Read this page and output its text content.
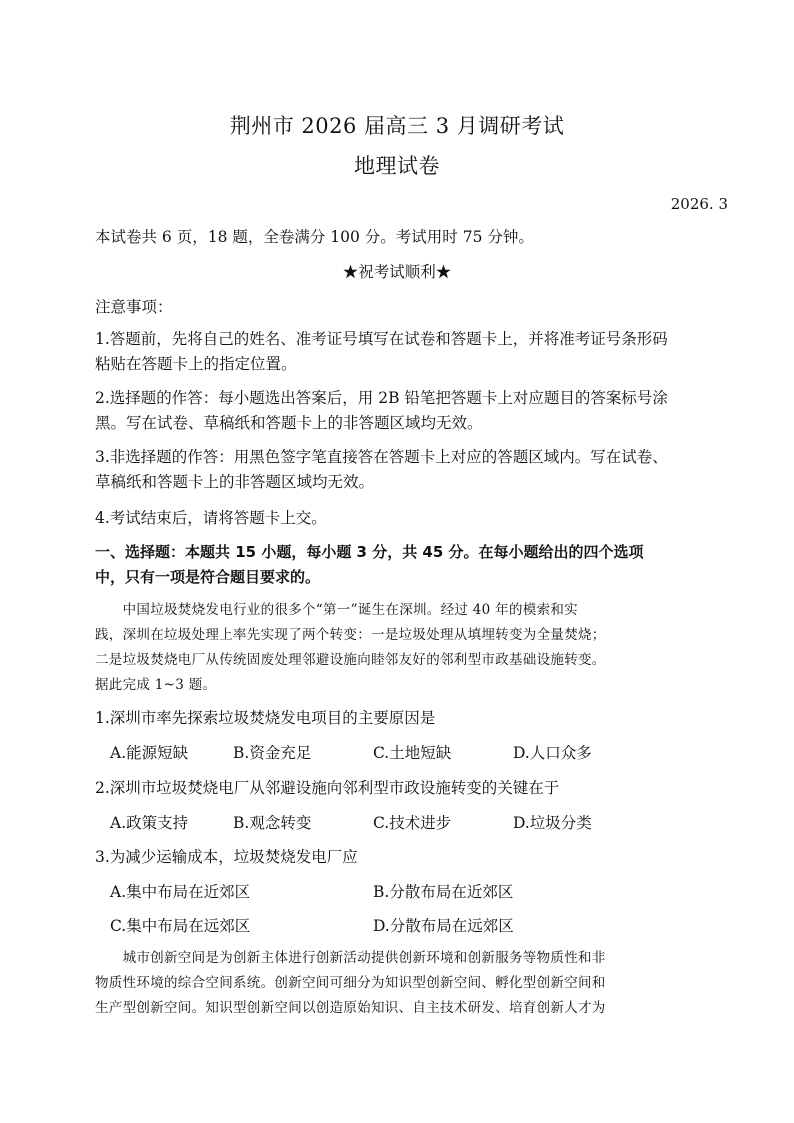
荆州市 2026 届高三 3 月调研考试
地理试卷
2026. 3
本试卷共 6 页，18 题，全卷满分 100 分。考试用时 75 分钟。
★祝考试顺利★
注意事项：
1.答题前，先将自己的姓名、准考证号填写在试卷和答题卡上，并将准考证号条形码
粘贴在答题卡上的指定位置。
2.选择题的作答：每小题选出答案后，用 2B 铅笔把答题卡上对应题目的答案标号涂
黑。写在试卷、草稿纸和答题卡上的非答题区域均无效。
3.非选择题的作答：用黑色签字笔直接答在答题卡上对应的答题区域内。写在试卷、
草稿纸和答题卡上的非答题区域均无效。
4.考试结束后，请将答题卡上交。
一、选择题：本题共 15 小题，每小题 3 分，共 45 分。在每小题给出的四个选项
中，只有一项是符合题目要求的。
　　中国垃圾焚烧发电行业的很多个“第一”诞生在深圳。经过 40 年的模索和实
践，深圳在垃圾处理上率先实现了两个转变：一是垃圾处理从填埋转变为全量焚烧；
二是垃圾焚烧电厂从传统固废处理邻避设施向睦邻友好的邻利型市政基础设施转变。
据此完成 1~3 题。
1.深圳市率先探索垃圾焚烧发电项目的主要原因是
A.能源短缺	B.资金充足	C.土地短缺	D.人口众多
2.深圳市垃圾焚烧电厂从邻避设施向邻利型市政设施转变的关键在于
A.政策支持	B.观念转变	C.技术进步	D.垃圾分类
3.为减少运输成本，垃圾焚烧发电厂应
A.集中布局在近郊区	B.分散布局在近郊区
C.集中布局在远郊区	D.分散布局在远郊区
　　城市创新空间是为创新主体进行创新活动提供创新环境和创新服务等物质性和非
物质性环境的综合空间系统。创新空间可细分为知识型创新空间、孵化型创新空间和
生产型创新空间。知识型创新空间以创造原始知识、自主技术研发、培育创新人才为
